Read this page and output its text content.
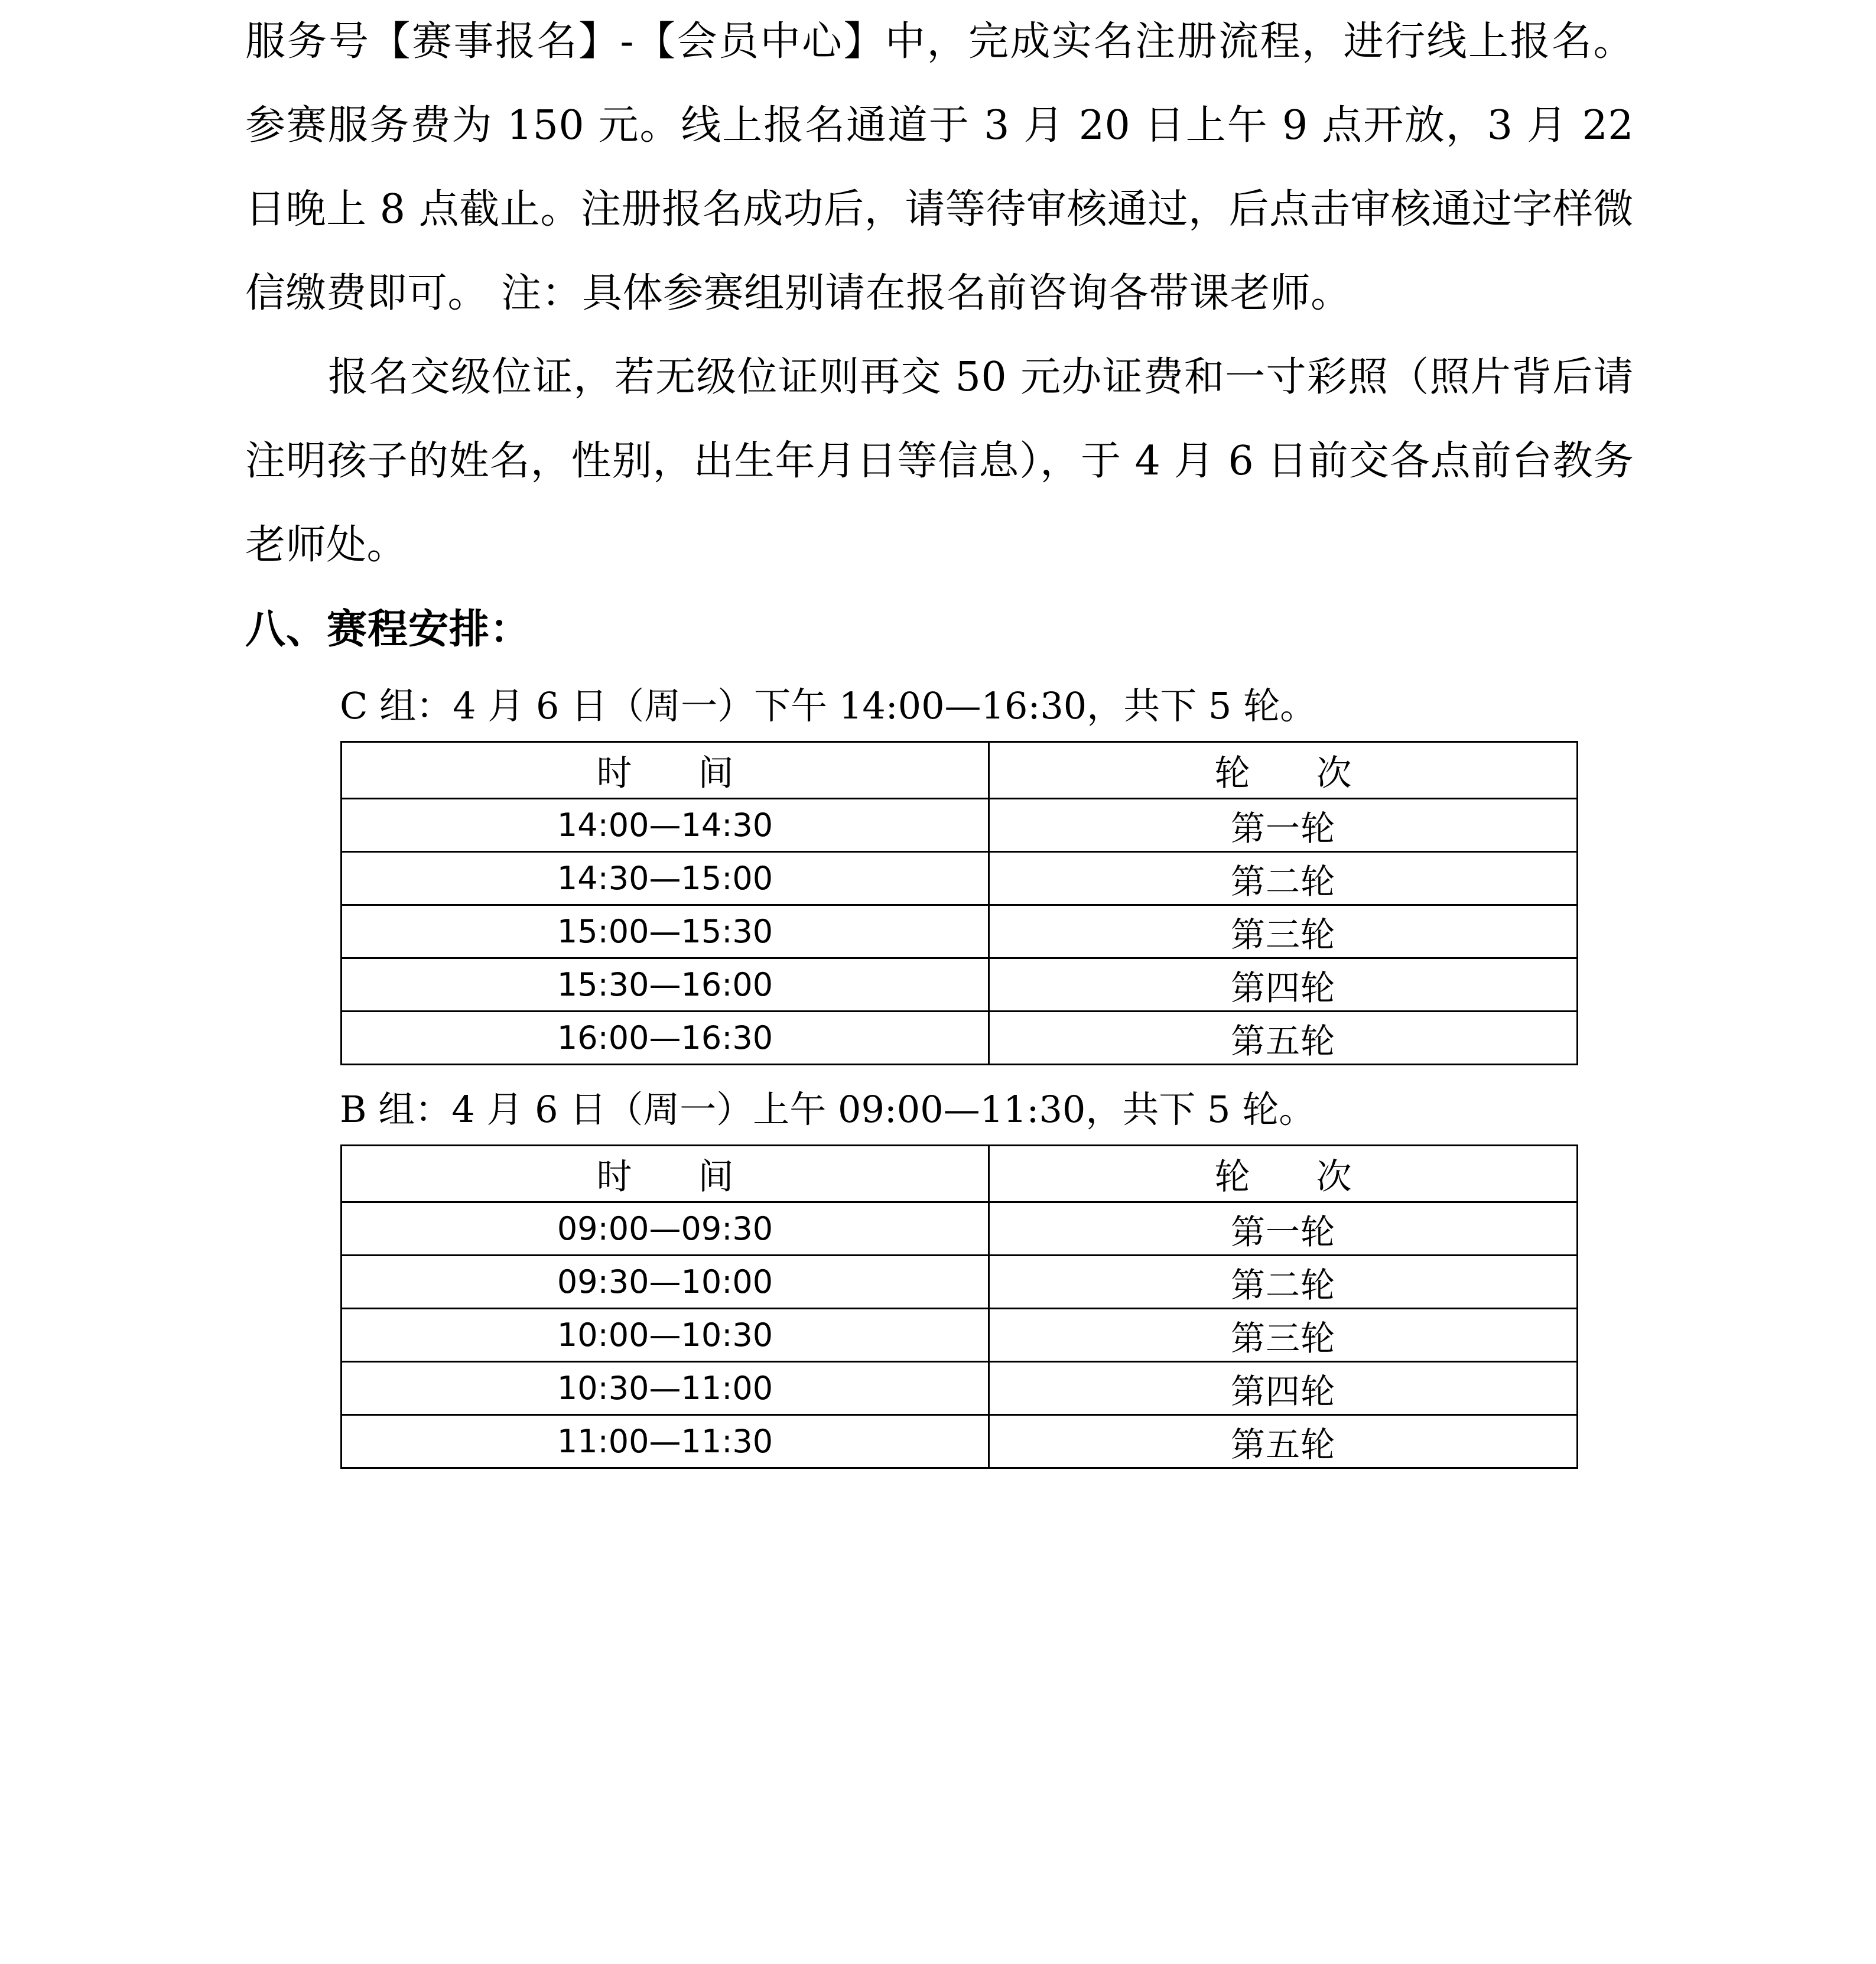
服务号【赛事报名】-【会员中心】中，完成实名注册流程，进行线上报名。参赛服务费为 150 元。线上报名通道于 3 月 20 日上午 9 点开放，3 月 22 日晚上 8 点截止。注册报名成功后，请等待审核通过，后点击审核通过字样微信缴费即可。 注：具体参赛组别请在报名前咨询各带课老师。

报名交级位证，若无级位证则再交 50 元办证费和一寸彩照（照片背后请注明孩子的姓名，性别，出生年月日等信息），于 4 月 6 日前交各点前台教务老师处。

八、赛程安排：

C 组：4 月 6 日（周一）下午 14:00—16:30，共下 5 轮。

时　间	轮　次
14:00—14:30	第一轮
14:30—15:00	第二轮
15:00—15:30	第三轮
15:30—16:00	第四轮
16:00—16:30	第五轮

B 组：4 月 6 日（周一）上午 09:00—11:30，共下 5 轮。

时　间	轮　次
09:00—09:30	第一轮
09:30—10:00	第二轮
10:00—10:30	第三轮
10:30—11:00	第四轮
11:00—11:30	第五轮
